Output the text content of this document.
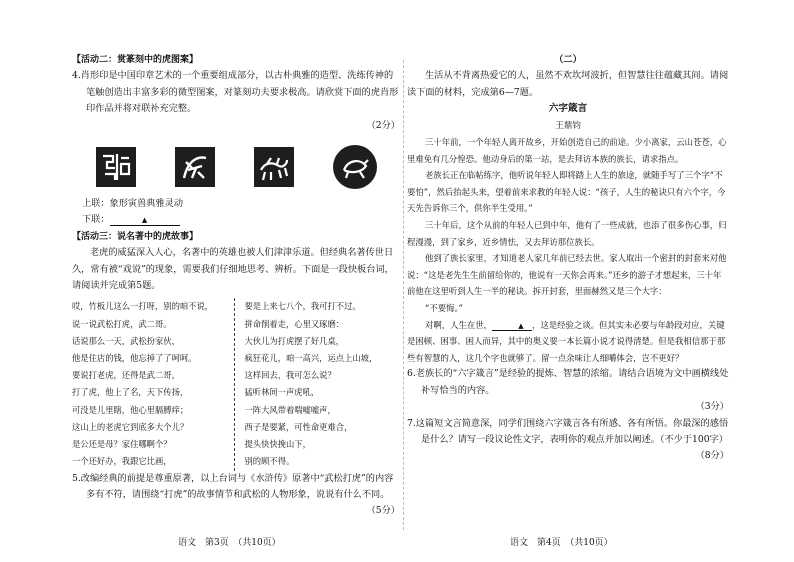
【活动二：赏篆刻中的虎图案】

4.肖形印是中国印章艺术的一个重要组成部分，以古朴典雅的造型、洗练传神的笔触创造出丰富多彩的微型图案，对篆刻功夫要求极高。请欣赏下面的虎肖形印作品并将对联补充完整。

（2分）

上联：象形寅兽典雅灵动

下联：	▲

【活动三：说名著中的虎故事】

老虎的威猛深入人心，名著中的英雄也被人们津津乐道。但经典名著传世日久，常有被“戏说”的现象，需要我们仔细地思考、辨析。下面是一段快板台词，请阅读并完成第5题。

哎，竹板儿这么一打呀，别的咱不说，
说一说武松打虎，武二哥。
话说那么一天，武松扮家伙，
他是住店的钱，他忘掉了了呵呵。
要说打老虎，还得是武二哥，
打了虎，他上了名，天下传扬，
可没是儿里瞎，他心里膈膊痒；
这山上的老虎它到底多大个儿？
是公还是母？家住哪啊个？
一个还好办，我跟它比画，
要是上来七八个，我可打不过。
拼命削着走，心里又琢磨：
大伙儿为打虎摆了好几桌，
疯狂花儿，咱一高兴，运点上山坡，
这样回去，我可怎么说？
猛听林间一声虎吼，
一阵大风带着喘嘘嘘声，
西子是要紧，可性命更难合，
提头快快挽山下，
别的顾不得。

5.改编经典的前提是尊重原著，以上台词与《水浒传》原著中“武松打虎”的内容多有不符，请围绕“打虎”的故事情节和武松的人物形象，说说有什么不同。

（5分）

（二）

生活从不背离热爱它的人，虽然不欢坎坷波折，但智慧往往蕴藏其间。请阅读下面的材料，完成第6—7题。

六字箴言

王鼎钧

三十年前，一个年轻人离开故乡，开始创造自己的前途。少小离家，云山苍苍，心里难免有几分惶恐。他动身后的第一站，是去拜访本族的族长，请求指点。

老族长正在临帖练字，他听说年轻人即将踏上人生的旅途，就随手写了三个字“不要怕”，然后抬起头来，望着前来求教的年轻人说：“孩子，人生的秘诀只有六个字，今天先告诉你三个，供你半生受用。”

三十年后，这个从前的年轻人已到中年，他有了一些成就，也添了很多伤心事，归程漫漫，到了家乡，近乡情怯，又去拜访那位族长。

他到了族长家里，才知道老人家几年前已经去世。家人取出一个密封的封套来对他说：“这是老先生生前留给你的，他说有一天你会再来。”还乡的游子才想起来，三十年前他在这里听到人生一半的秘诀。拆开封套，里面赫然又是三个大字：

“不要悔。”

对啊，人生在世，	▲ ，这是经验之谈。但其实未必要与年龄段对应，关键是困顿、困事、困人而异，其中的奥义要一本长篇小说才说得清楚。但是我相信那于那些有智慧的人，这几个字也就够了。留一点余味让人细嚼体会，岂不更好？

6.老族长的“六字箴言”是经验的提炼、智慧的浓缩。请结合语境为文中画横线处补写恰当的内容。

（3分）

7.这篇短文言简意深，同学们围绕六字箴言各有所感、各有所悟。你最深的感悟是什么？请写一段议论性文字，表明你的观点并加以阐述。（不少于100字）

（8分）

语文　第3页　（共10页）	语文　第4页　（共10页）
